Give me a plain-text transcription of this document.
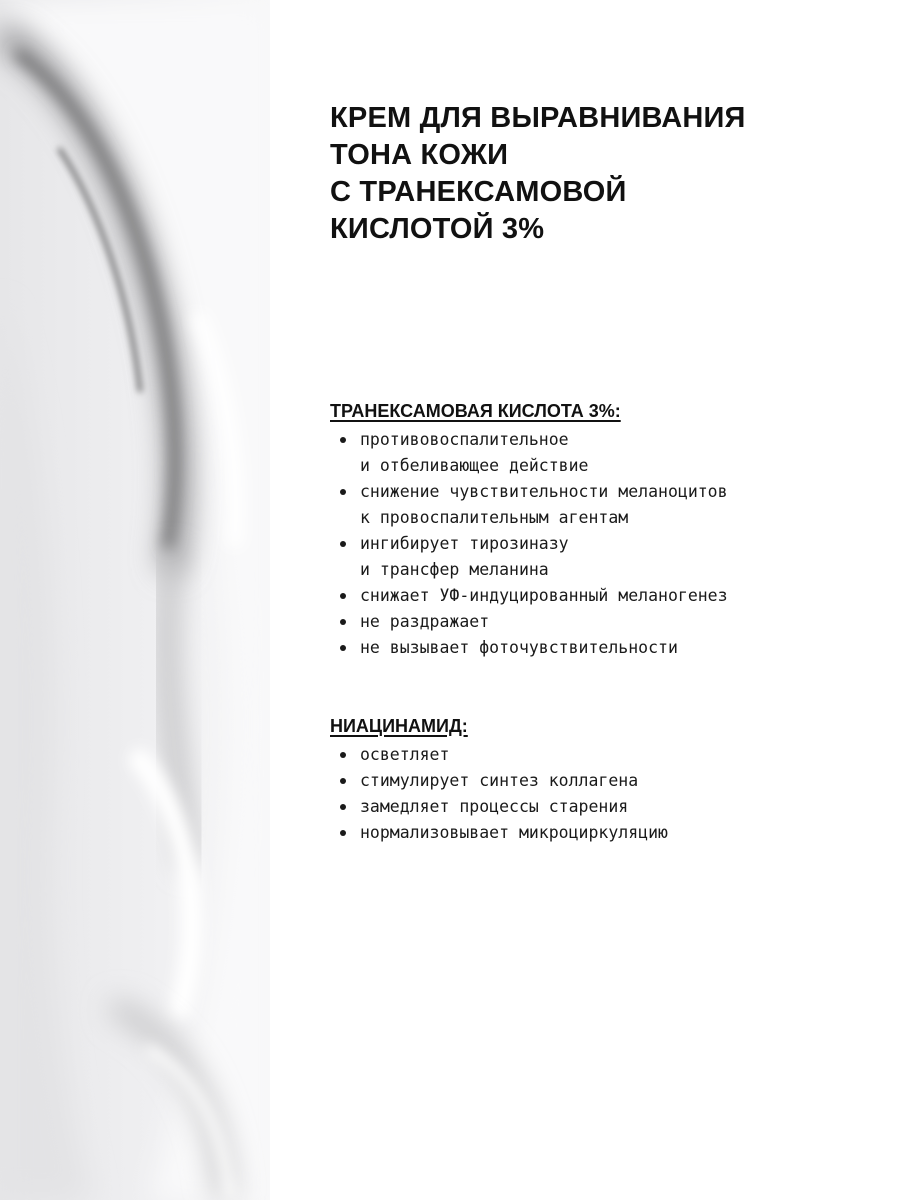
КРЕМ ДЛЯ ВЫРАВНИВАНИЯ
ТОНА КОЖИ
С ТРАНЕКСАМОВОЙ
КИСЛОТОЙ 3%
ТРАНЕКСАМОВАЯ КИСЛОТА 3%:
противовоспалительное
и отбеливающее действие
снижение чувствительности меланоцитов
к провоспалительным агентам
ингибирует тирозиназу
и трансфер меланина
снижает УФ-индуцированный меланогенез
не раздражает
не вызывает фоточувствительности
НИАЦИНАМИД:
осветляет
стимулирует синтез коллагена
замедляет процессы старения
нормализовывает микроциркуляцию
